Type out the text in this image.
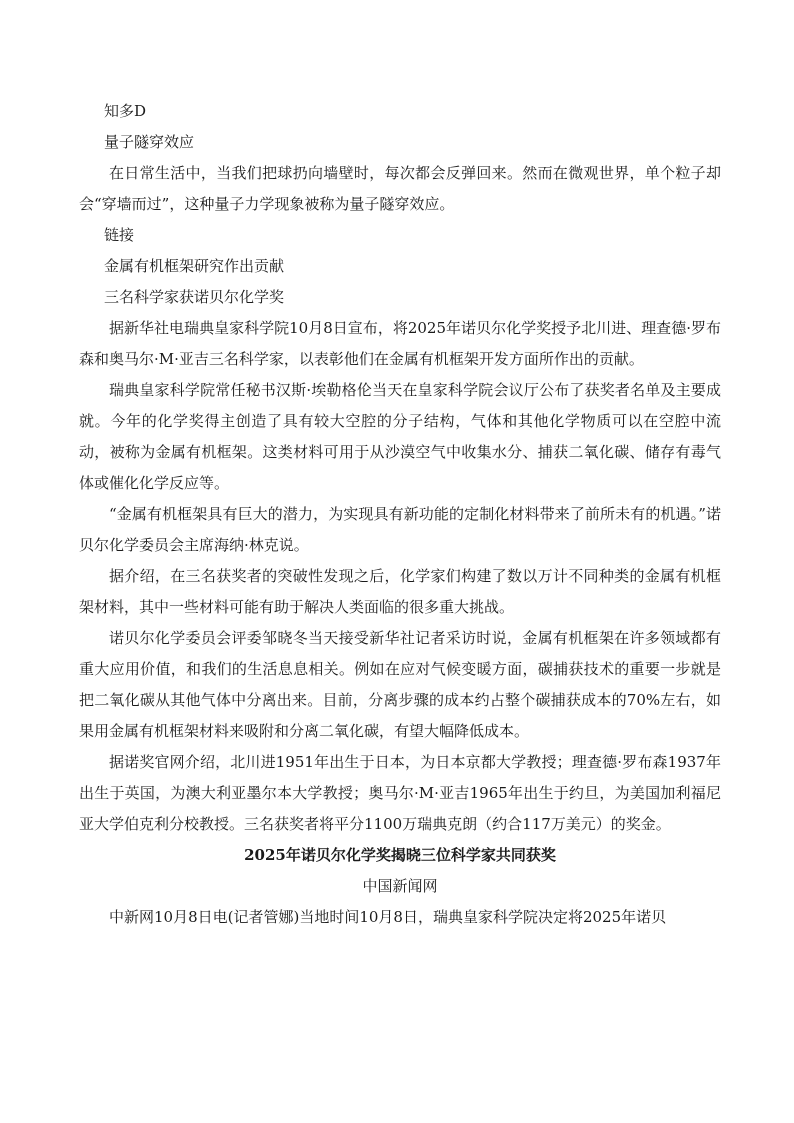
知多D

量子隧穿效应

在日常生活中，当我们把球扔向墙壁时，每次都会反弹回来。然而在微观世界，单个粒子却会“穿墙而过”，这种量子力学现象被称为量子隧穿效应。

链接

金属有机框架研究作出贡献

三名科学家获诺贝尔化学奖

据新华社电瑞典皇家科学院10月8日宣布，将2025年诺贝尔化学奖授予北川进、理查德·罗布森和奥马尔·M·亚吉三名科学家，以表彰他们在金属有机框架开发方面所作出的贡献。

瑞典皇家科学院常任秘书汉斯·埃勒格伦当天在皇家科学院会议厅公布了获奖者名单及主要成就。今年的化学奖得主创造了具有较大空腔的分子结构，气体和其他化学物质可以在空腔中流动，被称为金属有机框架。这类材料可用于从沙漠空气中收集水分、捕获二氧化碳、储存有毒气体或催化化学反应等。

“金属有机框架具有巨大的潜力，为实现具有新功能的定制化材料带来了前所未有的机遇。”诺贝尔化学委员会主席海纳·林克说。

据介绍，在三名获奖者的突破性发现之后，化学家们构建了数以万计不同种类的金属有机框架材料，其中一些材料可能有助于解决人类面临的很多重大挑战。

诺贝尔化学委员会评委邹晓冬当天接受新华社记者采访时说，金属有机框架在许多领域都有重大应用价值，和我们的生活息息相关。例如在应对气候变暖方面，碳捕获技术的重要一步就是把二氧化碳从其他气体中分离出来。目前，分离步骤的成本约占整个碳捕获成本的70%左右，如果用金属有机框架材料来吸附和分离二氧化碳，有望大幅降低成本。

据诺奖官网介绍，北川进1951年出生于日本，为日本京都大学教授；理查德·罗布森1937年出生于英国，为澳大利亚墨尔本大学教授；奥马尔·M·亚吉1965年出生于约旦，为美国加利福尼亚大学伯克利分校教授。三名获奖者将平分1100万瑞典克朗（约合117万美元）的奖金。

2025年诺贝尔化学奖揭晓三位科学家共同获奖

中国新闻网

中新网10月8日电(记者管娜)当地时间10月8日，瑞典皇家科学院决定将2025年诺贝
